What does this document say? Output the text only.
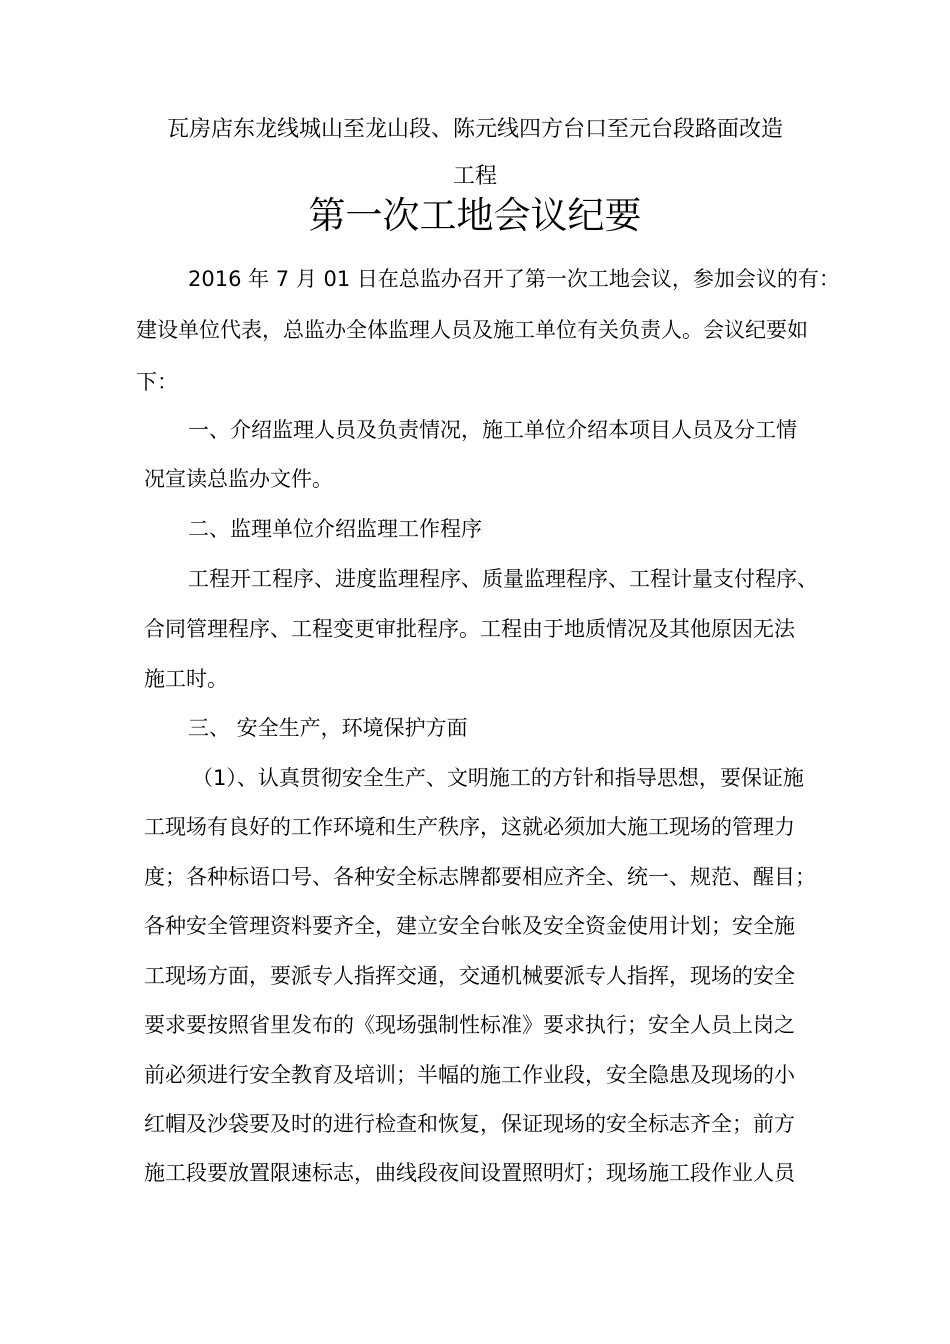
瓦房店东龙线城山至龙山段、陈元线四方台口至元台段路面改造
工程
第一次工地会议纪要
2016 年 7 月 01 日在总监办召开了第一次工地会议，参加会议的有：
建设单位代表，总监办全体监理人员及施工单位有关负责人。会议纪要如
下：
一、介绍监理人员及负责情况，施工单位介绍本项目人员及分工情
况宣读总监办文件。
二、监理单位介绍监理工作程序
工程开工程序、进度监理程序、质量监理程序、工程计量支付程序、
合同管理程序、工程变更审批程序。工程由于地质情况及其他原因无法
施工时。
三、 安全生产，环境保护方面
（1）、认真贯彻安全生产、文明施工的方针和指导思想，要保证施
工现场有良好的工作环境和生产秩序，这就必须加大施工现场的管理力
度；各种标语口号、各种安全标志牌都要相应齐全、统一、规范、醒目；
各种安全管理资料要齐全，建立安全台帐及安全资金使用计划；安全施
工现场方面，要派专人指挥交通，交通机械要派专人指挥，现场的安全
要求要按照省里发布的《现场强制性标准》要求执行；安全人员上岗之
前必须进行安全教育及培训；半幅的施工作业段，安全隐患及现场的小
红帽及沙袋要及时的进行检查和恢复，保证现场的安全标志齐全；前方
施工段要放置限速标志，曲线段夜间设置照明灯；现场施工段作业人员
